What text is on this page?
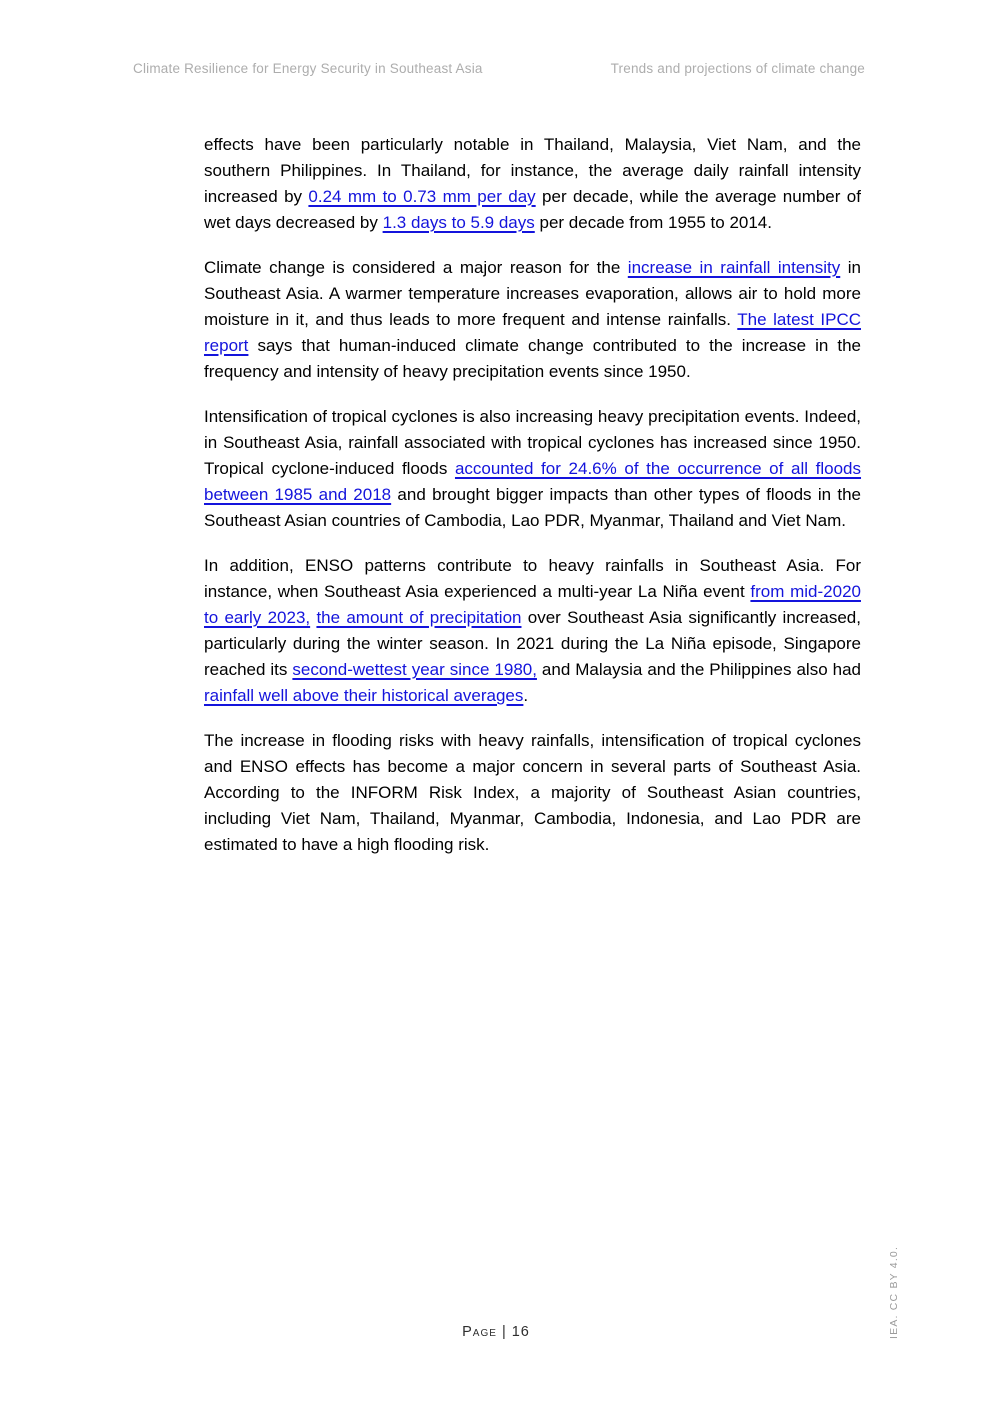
Climate Resilience for Energy Security in Southeast Asia	Trends and projections of climate change

effects have been particularly notable in Thailand, Malaysia, Viet Nam, and the southern Philippines. In Thailand, for instance, the average daily rainfall intensity increased by 0.24 mm to 0.73 mm per day per decade, while the average number of wet days decreased by 1.3 days to 5.9 days per decade from 1955 to 2014.

Climate change is considered a major reason for the increase in rainfall intensity in Southeast Asia. A warmer temperature increases evaporation, allows air to hold more moisture in it, and thus leads to more frequent and intense rainfalls. The latest IPCC report says that human-induced climate change contributed to the increase in the frequency and intensity of heavy precipitation events since 1950.

Intensification of tropical cyclones is also increasing heavy precipitation events. Indeed, in Southeast Asia, rainfall associated with tropical cyclones has increased since 1950. Tropical cyclone-induced floods accounted for 24.6% of the occurrence of all floods between 1985 and 2018 and brought bigger impacts than other types of floods in the Southeast Asian countries of Cambodia, Lao PDR, Myanmar, Thailand and Viet Nam.

In addition, ENSO patterns contribute to heavy rainfalls in Southeast Asia. For instance, when Southeast Asia experienced a multi-year La Niña event from mid-2020 to early 2023, the amount of precipitation over Southeast Asia significantly increased, particularly during the winter season. In 2021 during the La Niña episode, Singapore reached its second-wettest year since 1980, and Malaysia and the Philippines also had rainfall well above their historical averages.

The increase in flooding risks with heavy rainfalls, intensification of tropical cyclones and ENSO effects has become a major concern in several parts of Southeast Asia. According to the INFORM Risk Index, a majority of Southeast Asian countries, including Viet Nam, Thailand, Myanmar, Cambodia, Indonesia, and Lao PDR are estimated to have a high flooding risk.

Page | 16	IEA. CC BY 4.0.
